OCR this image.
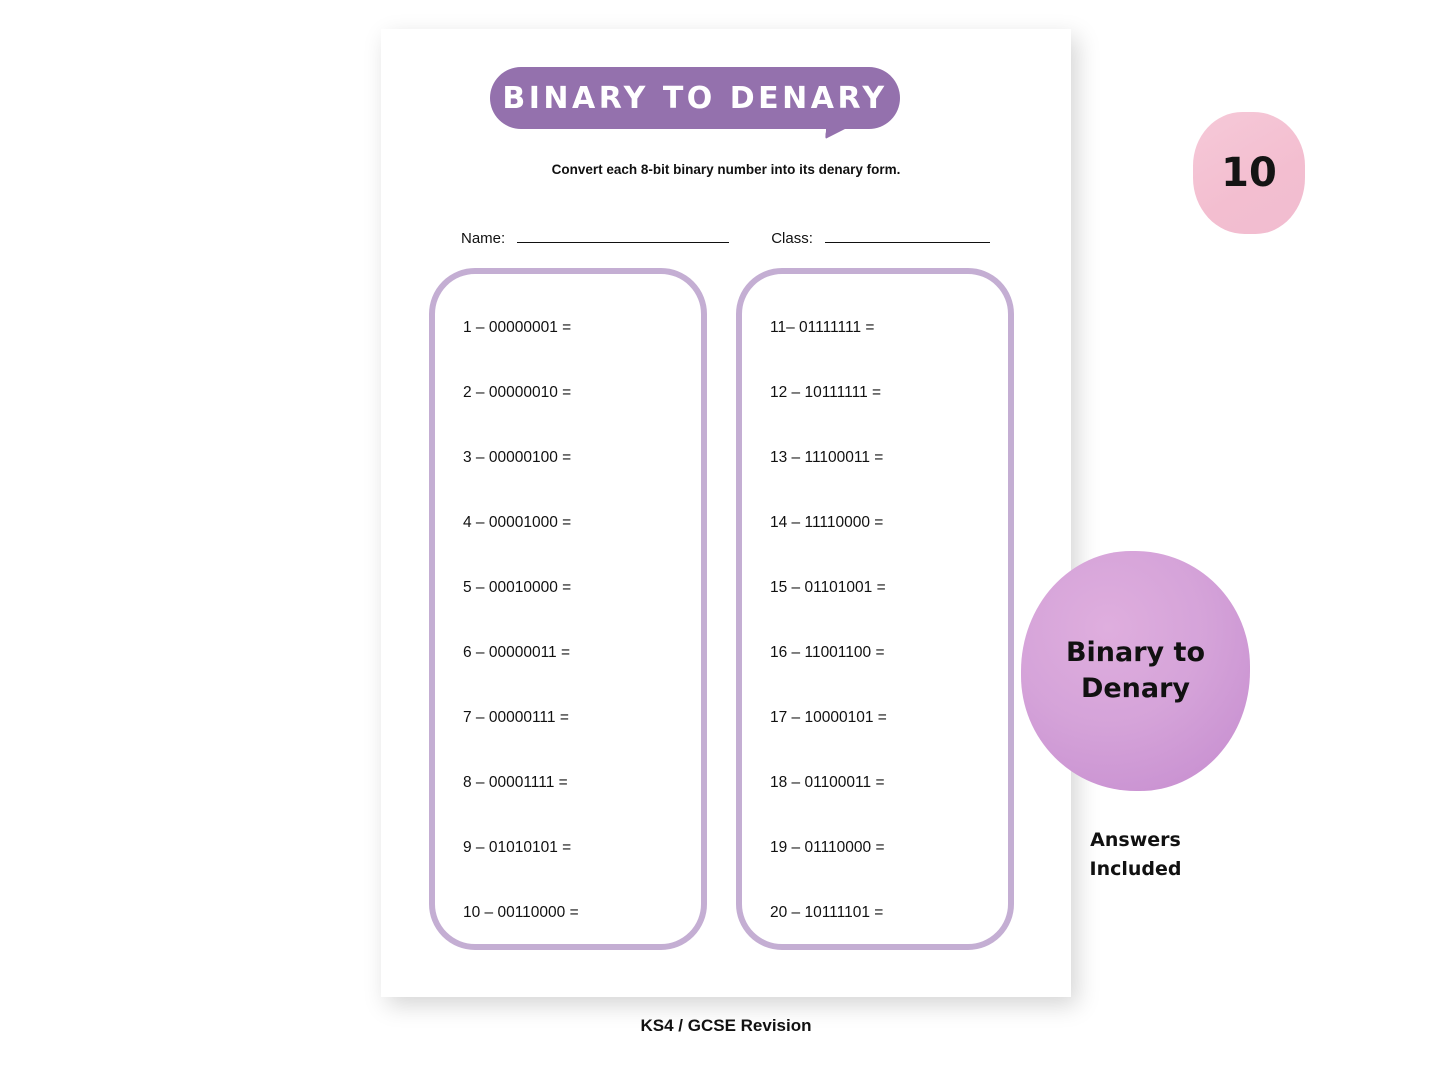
BINARY TO DENARY
Convert each 8-bit binary number into its denary form.
Name:	Class:
1 – 00000001 =
2 – 00000010 =
3 – 00000100 =
4 – 00001000 =
5 – 00010000 =
6 – 00000011 =
7 – 00000111 =
8 – 00001111 =
9 – 01010101 =
10 – 00110000 =
11– 01111111 =
12 – 10111111 =
13 – 11100011 =
14 – 11110000 =
15 – 01101001 =
16 – 11001100 =
17 – 10000101 =
18 – 01100011 =
19 – 01110000 =
20 – 10111101 =
KS4 / GCSE Revision
10
Binary to
Denary
Answers
Included
